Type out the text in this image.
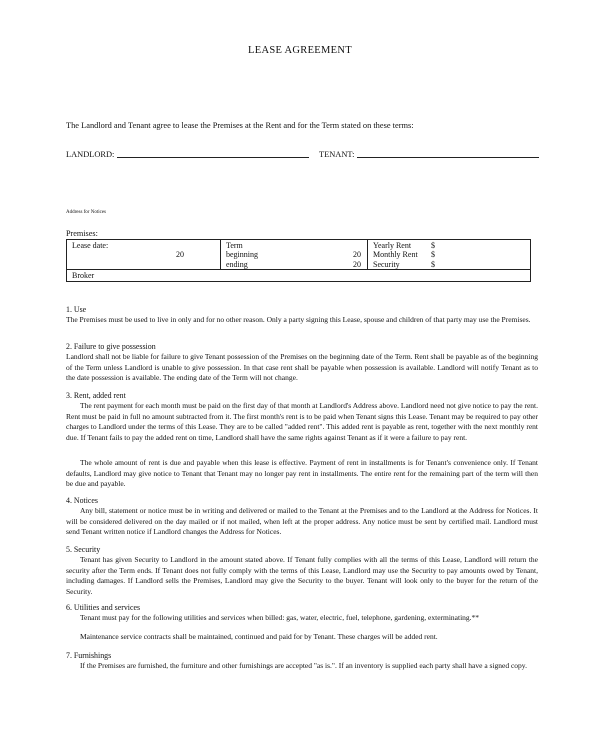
LEASE AGREEMENT
The Landlord and Tenant agree to lease the Premises at the Rent and for the Term stated on these terms:
LANDLORD:	TENANT:
Address for Notices
Premises:
Lease date:
20

Term
beginning	20
ending	20

Yearly Rent $
Monthly Rent $
Security	$

Broker
1. Use
The Premises must be used to live in only and for no other reason. Only a party signing this Lease, spouse and children of that party may use the Premises.
2. Failure to give possession
Landlord shall not be liable for failure to give Tenant possession of the Premises on the beginning date of the Term. Rent shall be payable as of the beginning of the Term unless Landlord is unable to give possession. In that case rent shall be payable when possession is available. Landlord will notify Tenant as to the date possession is available. The ending date of the Term will not change.
3. Rent, added rent
The rent payment for each month must be paid on the first day of that month at Landlord's Address above. Landlord need not give notice to pay the rent. Rent must be paid in full no amount subtracted from it. The first month's rent is to be paid when Tenant signs this Lease. Tenant may be required to pay other charges to Landlord under the terms of this Lease. They are to be called "added rent". This added rent is payable as rent, together with the next monthly rent due. If Tenant fails to pay the added rent on time, Landlord shall have the same rights against Tenant as if it were a failure to pay rent.
The whole amount of rent is due and payable when this lease is effective. Payment of rent in installments is for Tenant's convenience only. If Tenant defaults, Landlord may give notice to Tenant that Tenant may no longer pay rent in installments. The entire rent for the remaining part of the term will then be due and payable.
4. Notices
Any bill, statement or notice must be in writing and delivered or mailed to the Tenant at the Premises and to the Landlord at the Address for Notices. It will be considered delivered on the day mailed or if not mailed, when left at the proper address. Any notice must be sent by certified mail. Landlord must send Tenant written notice if Landlord changes the Address for Notices.
5. Security
Tenant has given Security to Landlord in the amount stated above. If Tenant fully complies with all the terms of this Lease, Landlord will return the security after the Term ends. If Tenant does not fully comply with the terms of this Lease, Landlord may use the Security to pay amounts owed by Tenant, including damages. If Landlord sells the Premises, Landlord may give the Security to the buyer. Tenant will look only to the buyer for the return of the Security.
6. Utilities and services
Tenant must pay for the following utilities and services when billed: gas, water, electric, fuel, telephone, gardening, exterminating.**
Maintenance service contracts shall be maintained, continued and paid for by Tenant. These charges will be added rent.
7. Furnishings
If the Premises are furnished, the furniture and other furnishings are accepted "as is.". If an inventory is supplied each party shall have a signed copy.
